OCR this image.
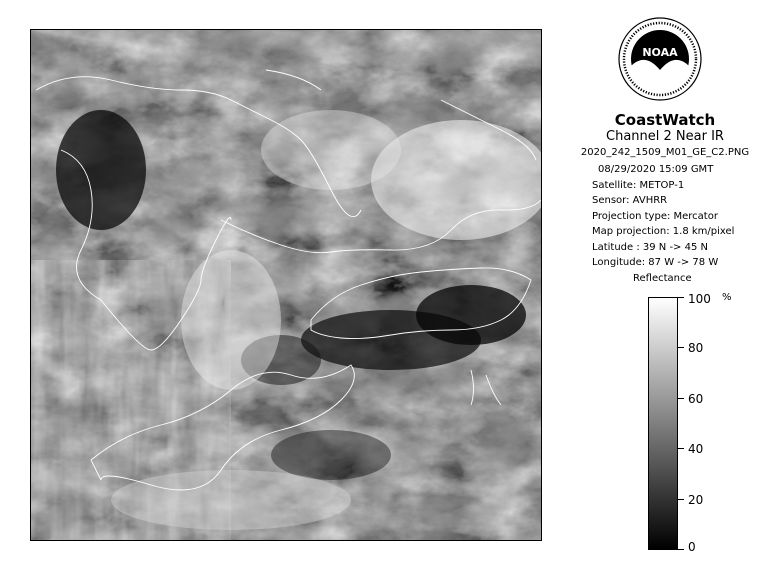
NOAA
CoastWatch
Channel 2 Near IR
2020_242_1509_M01_GE_C2.PNG
08/29/2020 15:09 GMT
Satellite: METOP-1
Sensor: AVHRR
Projection type: Mercator
Map projection: 1.8 km/pixel
Latitude : 39 N -> 45 N
Longitude: 87 W -> 78 W
Reflectance
%
100
80
60
40
20
0
